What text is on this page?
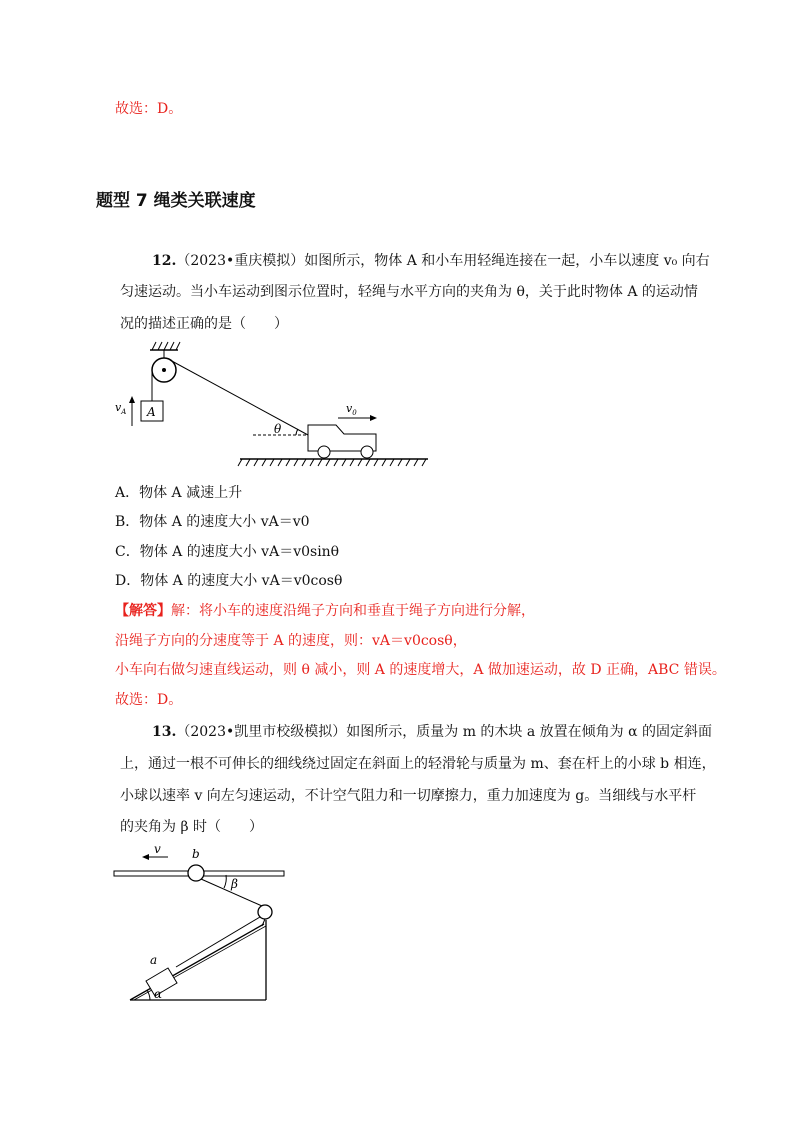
故选：D。
题型 7 绳类关联速度
12.（2023•重庆模拟）如图所示，物体 A 和小车用轻绳连接在一起，小车以速度 v₀ 向右
匀速运动。当小车运动到图示位置时，轻绳与水平方向的夹角为 θ，关于此时物体 A 的运动情
况的描述正确的是（　　）
A
$v_A$	$v_0$
θ
A．物体 A 减速上升
B．物体 A 的速度大小 vA＝v0
C．物体 A 的速度大小 vA＝v0sinθ
D．物体 A 的速度大小 vA＝v0cosθ
【解答】解：将小车的速度沿绳子方向和垂直于绳子方向进行分解，
沿绳子方向的分速度等于 A 的速度，则：vA＝v0cosθ，
小车向右做匀速直线运动，则 θ 减小，则 A 的速度增大，A 做加速运动，故 D 正确，ABC 错误。
故选：D。
13.（2023•凯里市校级模拟）如图所示，质量为 m 的木块 a 放置在倾角为 α 的固定斜面
上，通过一根不可伸长的细线绕过固定在斜面上的轻滑轮与质量为 m、套在杆上的小球 b 相连，
小球以速率 v 向左匀速运动，不计空气阻力和一切摩擦力，重力加速度为 g。当细线与水平杆
的夹角为 β 时（　　）
v	b
β
a
α
